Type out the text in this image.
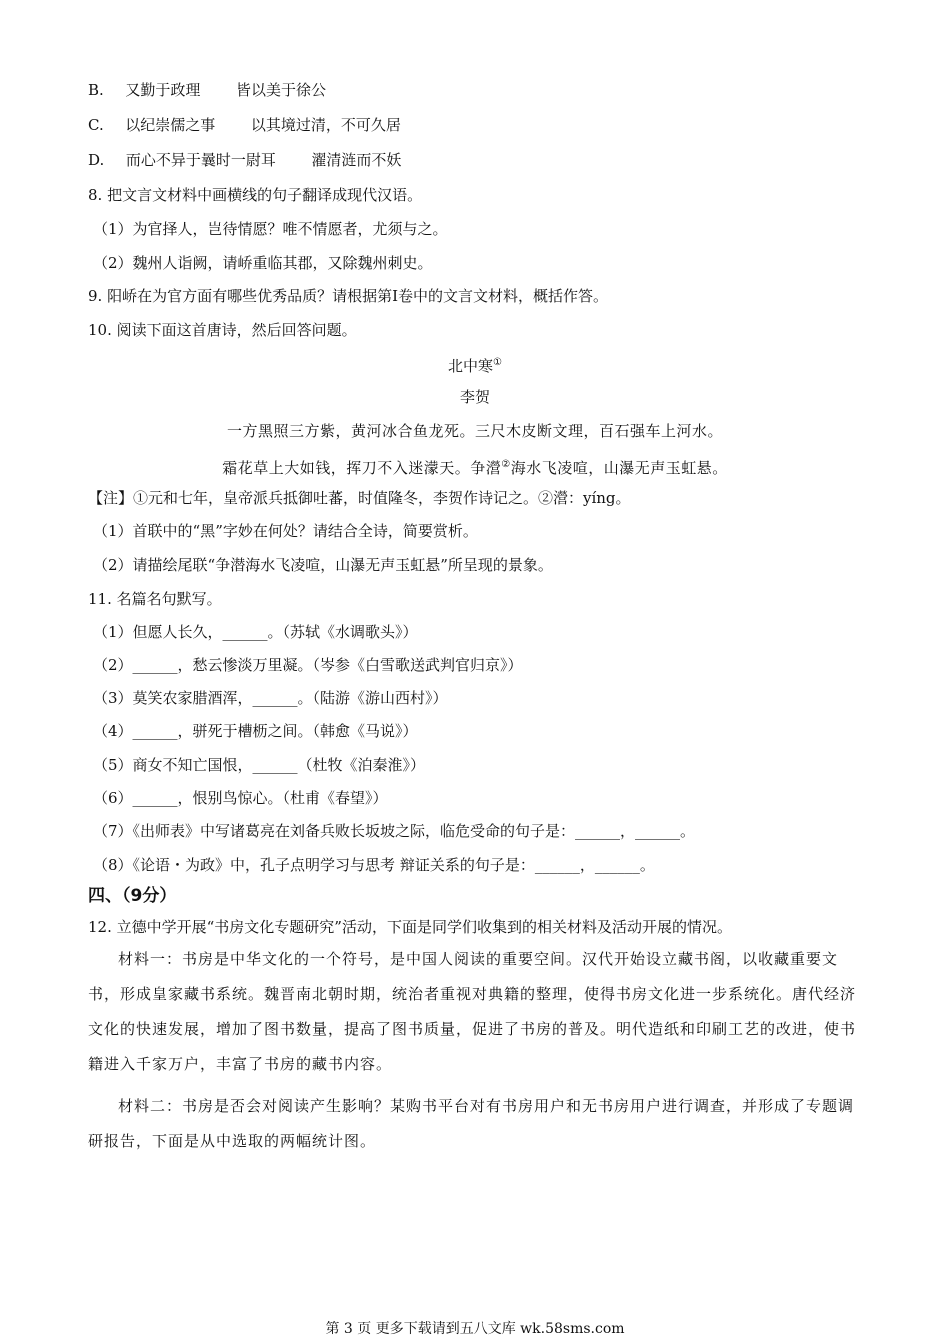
B. 又勤于政理 皆以美于徐公
C. 以纪崇儒之事 以其境过清，不可久居
D. 而心不异于曩时一尉耳 濯清涟而不妖
8. 把文言文材料中画横线的句子翻译成现代汉语。
（1）为官择人，岂待情愿？唯不情愿者，尤须与之。
（2）魏州人诣阙，请峤重临其郡，又除魏州刺史。
9. 阳峤在为官方面有哪些优秀品质？请根据第Ⅰ卷中的文言文材料，概括作答。
10. 阅读下面这首唐诗，然后回答问题。
北中寒①
李贺
一方黑照三方紫，黄河冰合鱼龙死。三尺木皮断文理，百石强车上河水。
霜花草上大如钱，挥刀不入迷濛天。争瀯②海水飞凌喧，山瀑无声玉虹悬。
【注】①元和七年，皇帝派兵抵御吐蕃，时值隆冬，李贺作诗记之。②瀯：yíng。
（1）首联中的“黑”字妙在何处？请结合全诗，简要赏析。
（2）请描绘尾联“争潜海水飞凌喧，山瀑无声玉虹悬”所呈现的景象。
11. 名篇名句默写。
（1）但愿人长久，______。（苏轼《水调歌头》）
（2）______，愁云惨淡万里凝。（岑参《白雪歌送武判官归京》）
（3）莫笑农家腊酒浑，______。（陆游《游山西村》）
（4）______，骈死于槽枥之间。（韩愈《马说》）
（5）商女不知亡国恨，______（杜牧《泊秦淮》）
（6）______，恨别鸟惊心。（杜甫《春望》）
（7）《出师表》中写诸葛亮在刘备兵败长坂坡之际，临危受命的句子是：______，______。
（8）《论语・为政》中，孔子点明学习与思考 辩证关系的句子是：______，______。
四、（9分）
12. 立德中学开展“书房文化专题研究”活动，下面是同学们收集到的相关材料及活动开展的情况。
材料一：书房是中华文化的一个符号，是中国人阅读的重要空间。汉代开始设立藏书阁，以收藏重要文书，形成皇家藏书系统。魏晋南北朝时期，统治者重视对典籍的整理，使得书房文化进一步系统化。唐代经济文化的快速发展，增加了图书数量，提高了图书质量，促进了书房的普及。明代造纸和印刷工艺的改进，使书籍进入千家万户，丰富了书房的藏书内容。
材料二：书房是否会对阅读产生影响？某购书平台对有书房用户和无书房用户进行调查，并形成了专题调研报告，下面是从中选取的两幅统计图。
第 3 页 更多下载请到五八文库 wk.58sms.com
